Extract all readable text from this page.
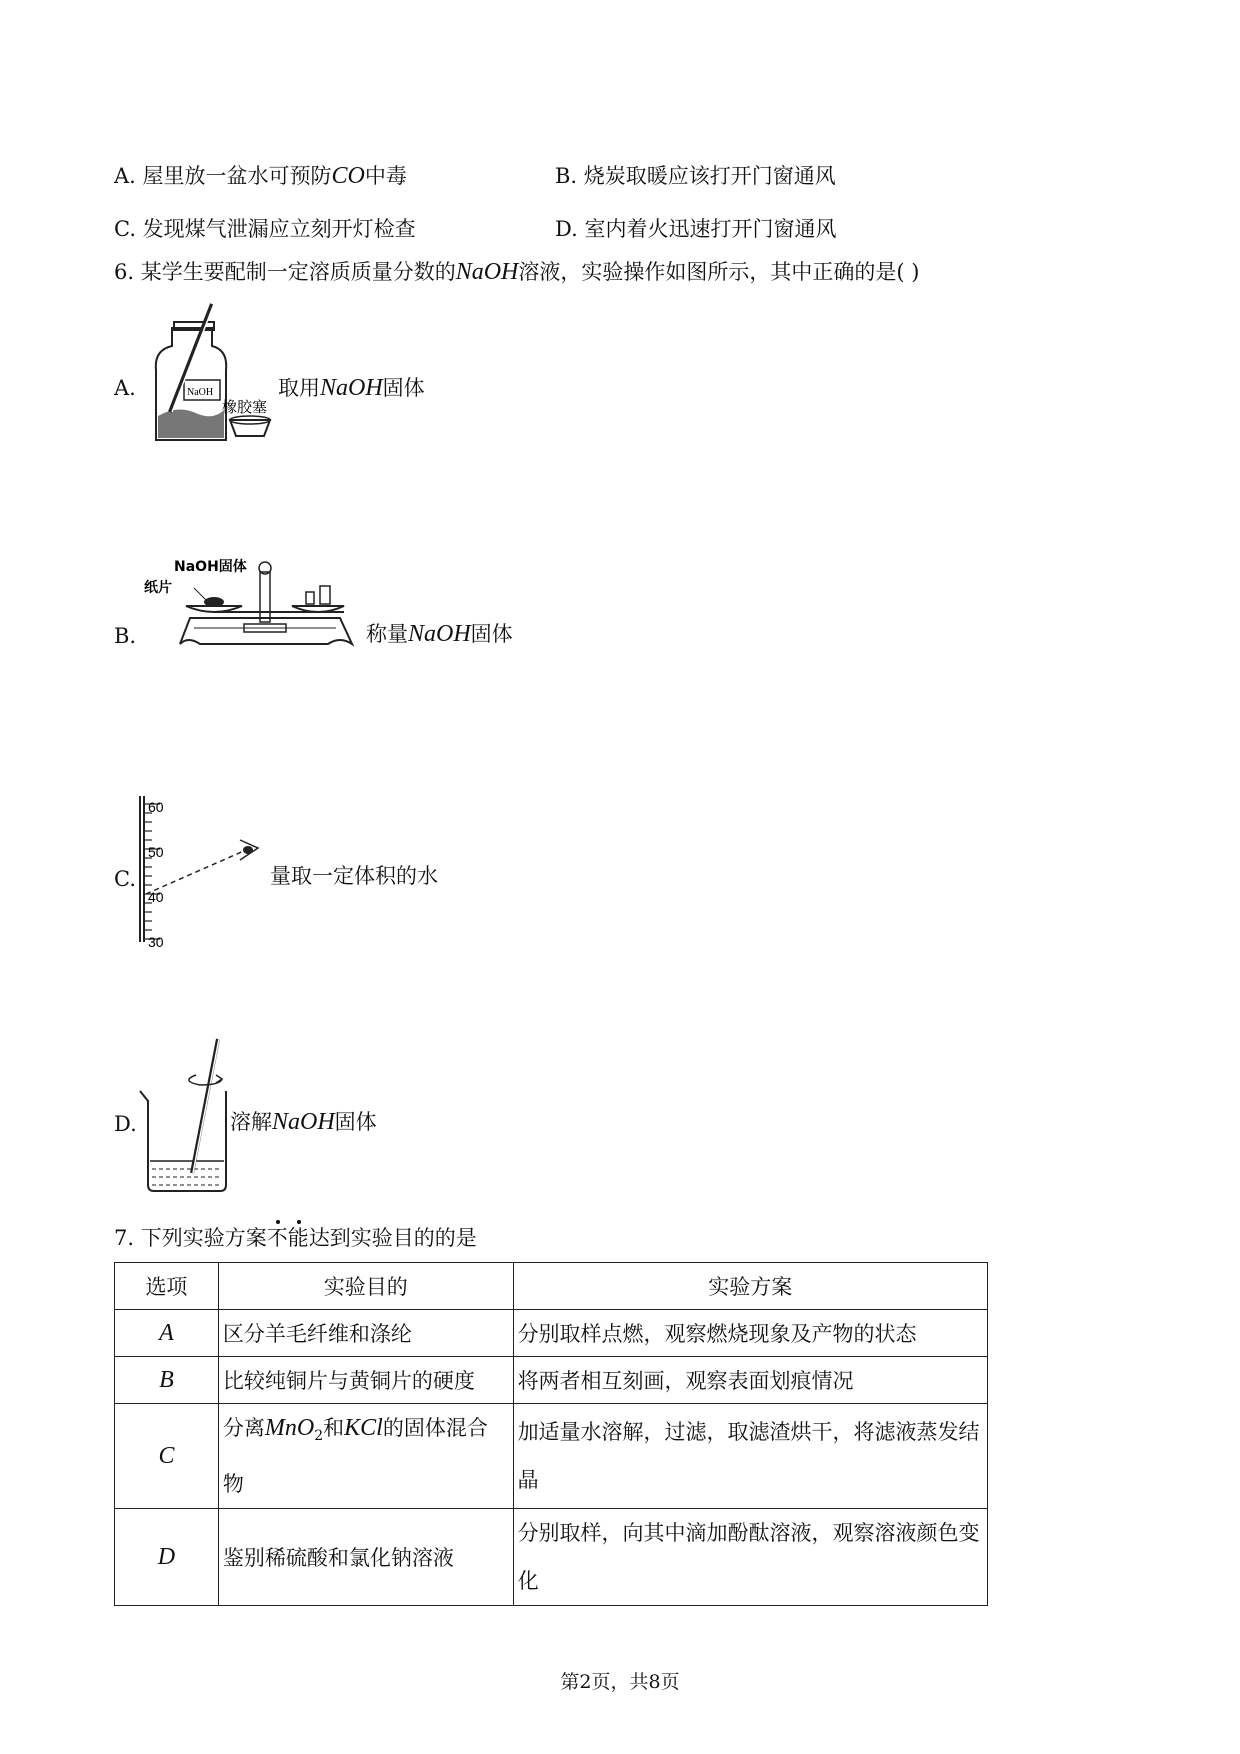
A. 屋里放一盆水可预防CO中毒	B. 烧炭取暖应该打开门窗通风
C. 发现煤气泄漏应立刻开灯检查	D. 室内着火迅速打开门窗通风
6. 某学生要配制一定溶质质量分数的NaOH溶液，实验操作如图所示，其中正确的是( )
A.	NaOH
橡胶塞
取用NaOH固体
B.
NaOH固体
纸片
称量NaOH固体
C.
60
50
40
30
量取一定体积的水
D.	溶解NaOH固体
7. 下列实验方案
不能达到实验目的的是
选项	实验目的	实验方案
A	区分羊毛纤维和涤纶	分别取样点燃，观察燃烧现象及产物的状态
B	比较纯铜片与黄铜片的硬度	将两者相互刻画，观察表面划痕情况
C	分离MnO$_2$和KCl的固体混合物	加适量水溶解，过滤，取滤渣烘干，将滤液蒸发结晶
D	鉴别稀硫酸和氯化钠溶液	分别取样，向其中滴加酚酞溶液，观察溶液颜色变化
第2页，共8页
